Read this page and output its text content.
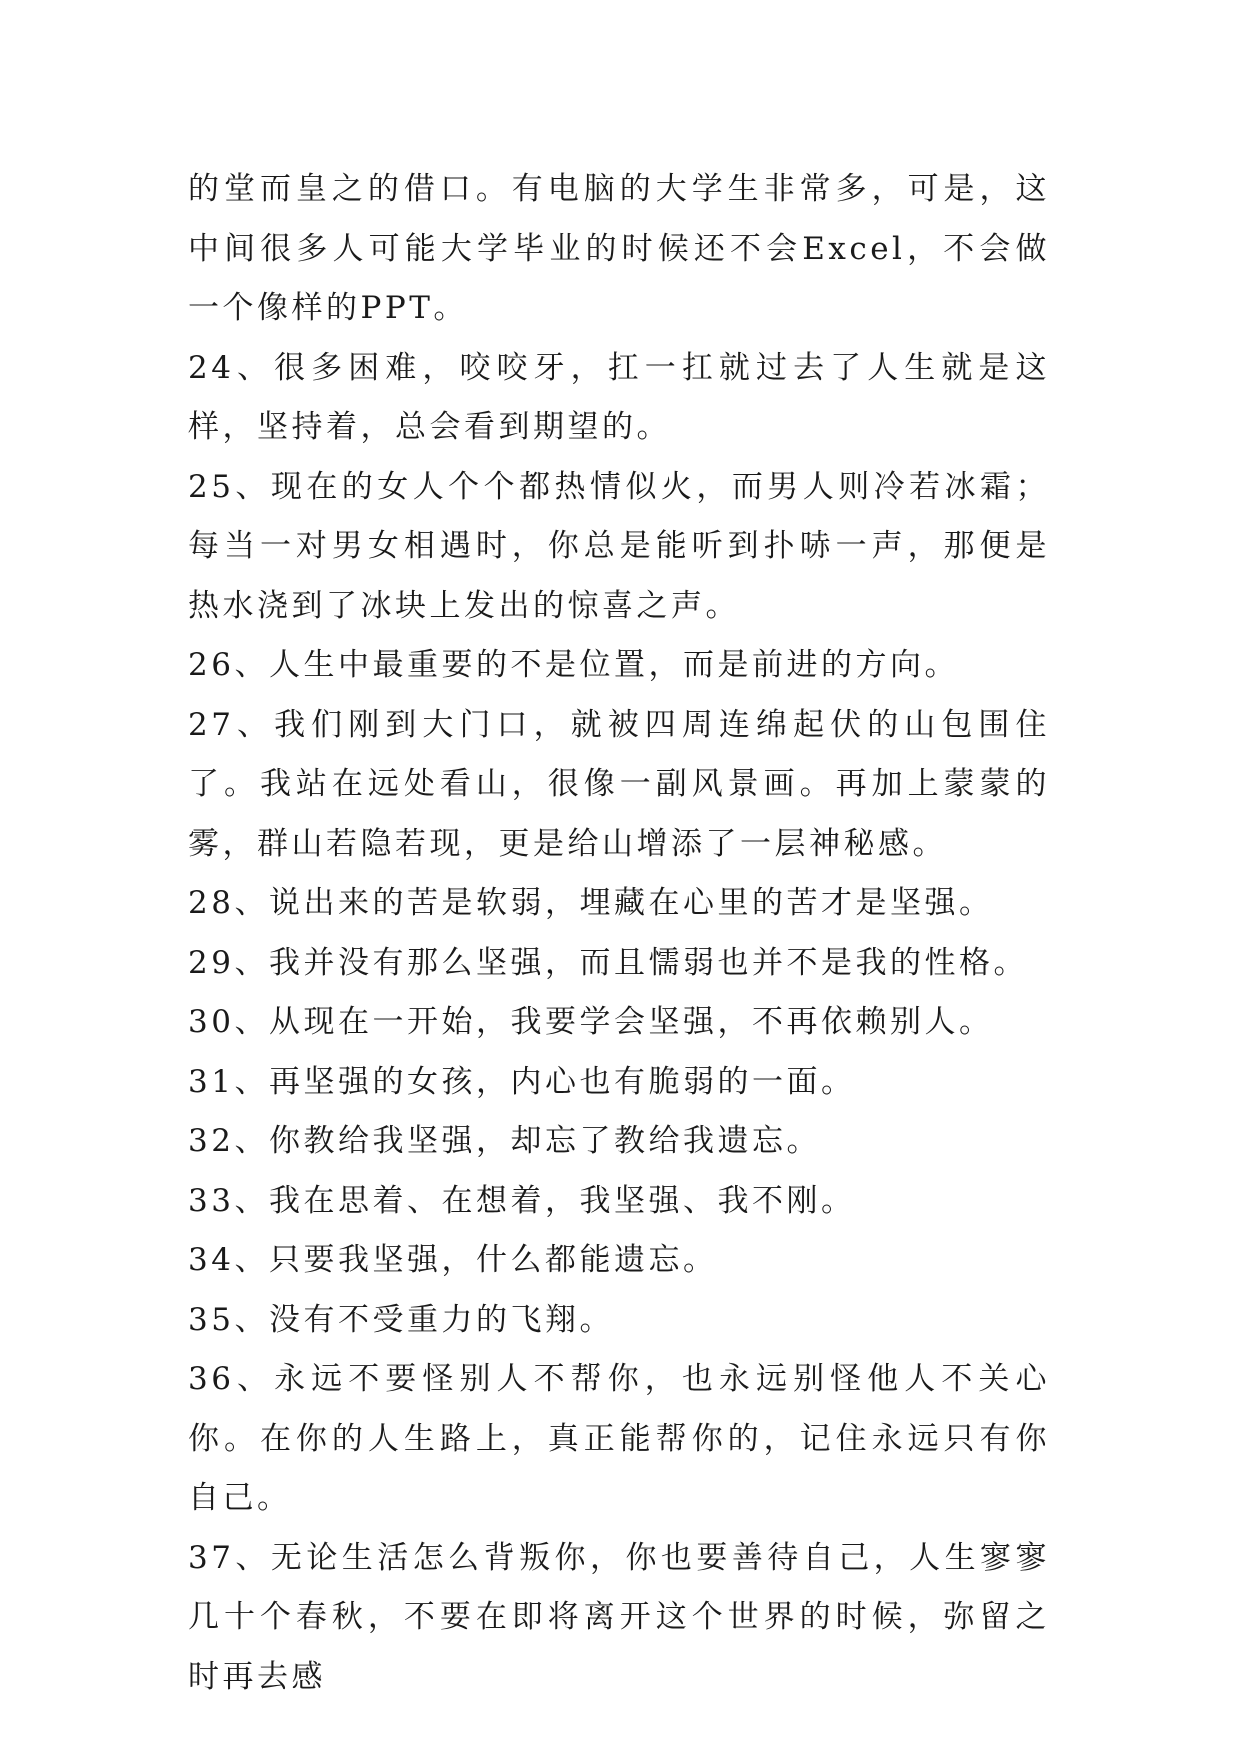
的堂而皇之的借口。有电脑的大学生非常多，可是，这中间很多人可能大学毕业的时候还不会Excel，不会做一个像样的PPT。

24、很多困难，咬咬牙，扛一扛就过去了人生就是这样，坚持着，总会看到期望的。

25、现在的女人个个都热情似火，而男人则冷若冰霜；每当一对男女相遇时，你总是能听到扑哧一声，那便是热水浇到了冰块上发出的惊喜之声。

26、人生中最重要的不是位置，而是前进的方向。

27、我们刚到大门口，就被四周连绵起伏的山包围住了。我站在远处看山，很像一副风景画。再加上蒙蒙的雾，群山若隐若现，更是给山增添了一层神秘感。

28、说出来的苦是软弱，埋藏在心里的苦才是坚强。

29、我并没有那么坚强，而且懦弱也并不是我的性格。

30、从现在一开始，我要学会坚强，不再依赖别人。

31、再坚强的女孩，内心也有脆弱的一面。

32、你教给我坚强，却忘了教给我遗忘。

33、我在思着、在想着，我坚强、我不刚。

34、只要我坚强，什么都能遗忘。

35、没有不受重力的飞翔。

36、永远不要怪别人不帮你，也永远别怪他人不关心你。在你的人生路上，真正能帮你的，记住永远只有你自己。

37、无论生活怎么背叛你，你也要善待自己，人生寥寥几十个春秋，不要在即将离开这个世界的时候，弥留之时再去感
